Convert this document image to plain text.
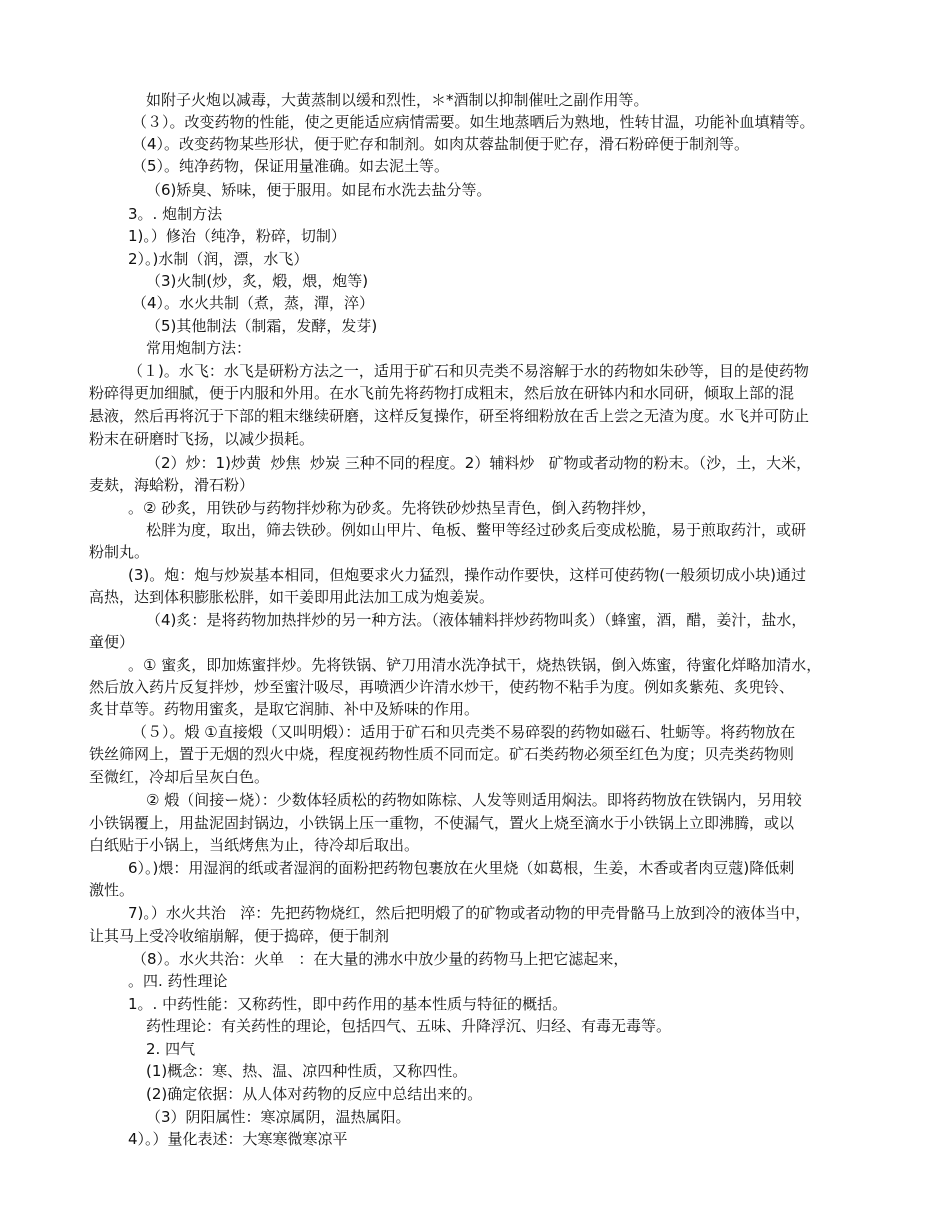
如附子火炮以减毒，大黄蒸制以缓和烈性，＊*酒制以抑制催吐之副作用等。
（３）。改变药物的性能，使之更能适应病情需要。如生地蒸晒后为熟地，性转甘温，功能补血填精等。
（4）。改变药物某些形状，便于贮存和制剂。如肉苁蓉盐制便于贮存，滑石粉碎便于制剂等。
（5）。纯净药物，保证用量准确。如去泥土等。
（6)矫臭、矫味，便于服用。如昆布水洗去盐分等。
3。. 炮制方法
1)。）修治（纯净，粉碎，切制）
2）。)水制（润，漂，水飞）
（3)火制(炒，炙，煅，煨，炮等)
（4）。水火共制（煮，蒸，潬，淬）
（5)其他制法（制霜，发酵，发芽)
常用炮制方法：
（１)。水飞：水飞是研粉方法之一，适用于矿石和贝壳类不易溶解于水的药物如朱砂等，目的是使药物
粉碎得更加细腻，便于内服和外用。在水飞前先将药物打成粗末，然后放在研钵内和水同研，倾取上部的混
悬液，然后再将沉于下部的粗末继续研磨，这样反复操作，研至将细粉放在舌上尝之无渣为度。水飞并可防止
粉末在研磨时飞扬，以减少损耗。
（2）炒：1)炒黄  炒焦  炒炭 三种不同的程度。2）辅料炒   矿物或者动物的粉末。（沙，土，大米，
麦麸，海蛤粉，滑石粉）
。② 砂炙，用铁砂与药物拌炒称为砂炙。先将铁砂炒热呈青色，倒入药物拌炒，
松胖为度，取出，筛去铁砂。例如山甲片、龟板、鳖甲等经过砂炙后变成松脆，易于煎取药汁，或研
粉制丸。
(3)。炮：炮与炒炭基本相同，但炮要求火力猛烈，操作动作要快，这样可使药物(一般须切成小块)通过
高热，达到体积膨胀松胖，如干姜即用此法加工成为炮姜炭。
（4)炙：是将药物加热拌炒的另一种方法。（液体辅料拌炒药物叫炙）（蜂蜜，酒，醋，姜汁，盐水，
童便）
。① 蜜炙，即加炼蜜拌炒。先将铁锅、铲刀用清水洗净拭干，烧热铁锅，倒入炼蜜，待蜜化烊略加清水，
然后放入药片反复拌炒，炒至蜜汁吸尽，再喷洒少许清水炒干，使药物不粘手为度。例如炙紫苑、炙兜铃、
炙甘草等。药物用蜜炙，是取它润肺、补中及矫味的作用。
（５）。煅 ①直接煅（又叫明煅）：适用于矿石和贝壳类不易碎裂的药物如磁石、牡蛎等。将药物放在
铁丝筛网上，置于无烟的烈火中烧，程度视药物性质不同而定。矿石类药物必须至红色为度；贝壳类药物则
至微红，冷却后呈灰白色。
② 煅（间接ー烧）：少数体轻质松的药物如陈棕、人发等则适用焖法。即将药物放在铁锅内，另用较
小铁锅覆上，用盐泥固封锅边，小铁锅上压一重物，不使漏气，置火上烧至滴水于小铁锅上立即沸腾，或以
白纸贴于小锅上，当纸烤焦为止，待冷却后取出。
6）。)煨：用湿润的纸或者湿润的面粉把药物包裹放在火里烧（如葛根，生姜，木香或者肉豆蔻)降低刺
激性。
7)。）水火共治   淬：先把药物烧红，然后把明煅了的矿物或者动物的甲壳骨骼马上放到冷的液体当中，
让其马上受冷收缩崩解，便于捣碎，便于制剂
（8）。水火共治：火单   ：在大量的沸水中放少量的药物马上把它滤起来，
。四. 药性理论
1。. 中药性能：又称药性，即中药作用的基本性质与特征的概括。
药性理论：有关药性的理论，包括四气、五味、升降浮沉、归经、有毒无毒等。
2. 四气
(1)概念：寒、热、温、凉四种性质，又称四性。
(2)确定依据：从人体对药物的反应中总结出来的。
（3）阴阳属性：寒凉属阴，温热属阳。
4）。）量化表述：大寒寒微寒凉平
